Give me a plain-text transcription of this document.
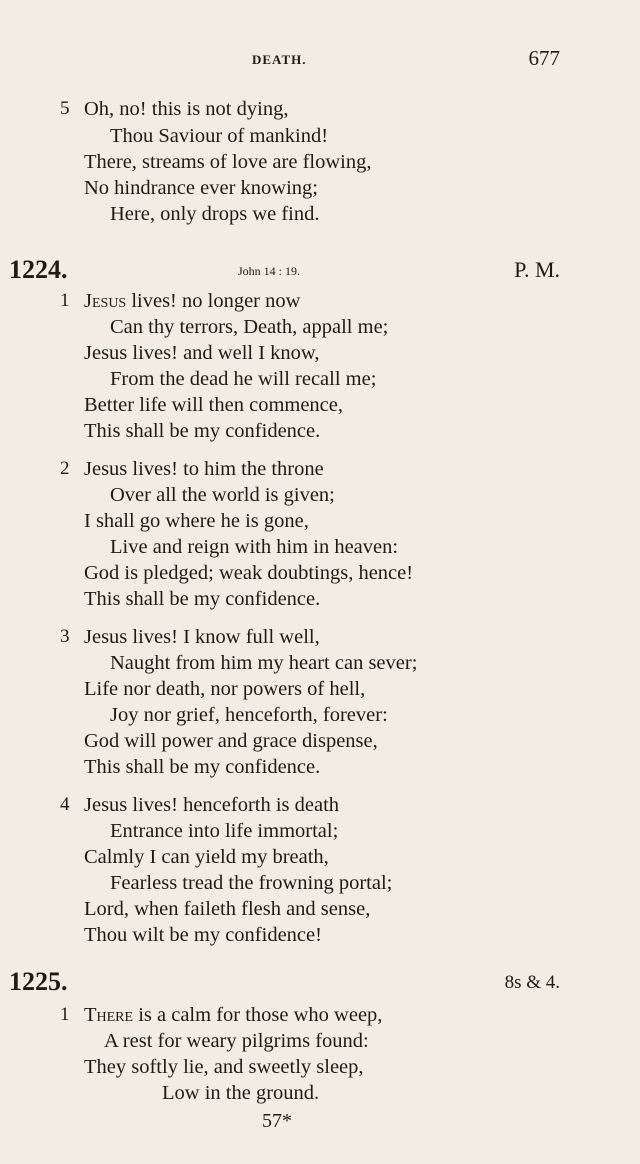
DEATH.	677
5 Oh, no! this is not dying,
Thou Saviour of mankind!
There, streams of love are flowing,
No hindrance ever knowing;
Here, only drops we find.
1224.	John 14 : 19.	P. M.
1 Jesus lives! no longer now
Can thy terrors, Death, appall me;
Jesus lives! and well I know,
From the dead he will recall me;
Better life will then commence,
This shall be my confidence.
2 Jesus lives! to him the throne
Over all the world is given;
I shall go where he is gone,
Live and reign with him in heaven:
God is pledged; weak doubtings, hence!
This shall be my confidence.
3 Jesus lives! I know full well,
Naught from him my heart can sever;
Life nor death, nor powers of hell,
Joy nor grief, henceforth, forever:
God will power and grace dispense,
This shall be my confidence.
4 Jesus lives! henceforth is death
Entrance into life immortal;
Calmly I can yield my breath,
Fearless tread the frowning portal;
Lord, when faileth flesh and sense,
Thou wilt be my confidence!
1225.	8s & 4.
1 There is a calm for those who weep,
A rest for weary pilgrims found:
They softly lie, and sweetly sleep,
Low in the ground.
57*
